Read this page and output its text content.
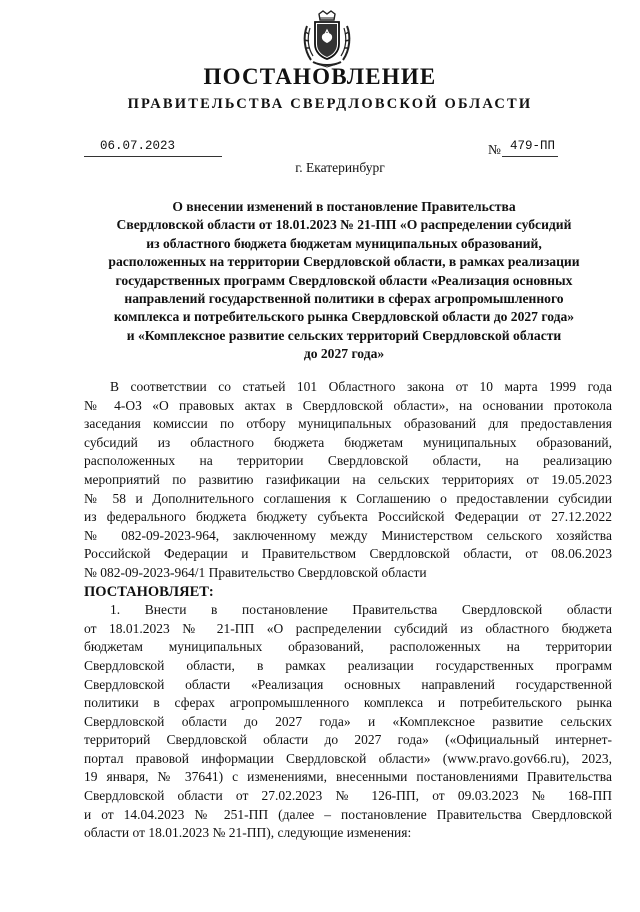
ПОСТАНОВЛЕНИЕ
ПРАВИТЕЛЬСТВА СВЕРДЛОВСКОЙ ОБЛАСТИ
06.07.2023	№ 479-ПП
г. Екатеринбург
О внесении изменений в постановление Правительства
Свердловской области от 18.01.2023 № 21-ПП «О распределении субсидий
из областного бюджета бюджетам муниципальных образований,
расположенных на территории Свердловской области, в рамках реализации
государственных программ Свердловской области «Реализация основных
направлений государственной политики в сферах агропромышленного
комплекса и потребительского рынка Свердловской области до 2027 года»
и «Комплексное развитие сельских территорий Свердловской области
до 2027 года»
В соответствии со статьей 101 Областного закона от 10 марта 1999 года
№ 4-ОЗ «О правовых актах в Свердловской области», на основании протокола
заседания комиссии по отбору муниципальных образований для предоставления
субсидий из областного бюджета бюджетам муниципальных образований,
расположенных на территории Свердловской области, на реализацию
мероприятий по развитию газификации на сельских территориях от 19.05.2023
№ 58 и Дополнительного соглашения к Соглашению о предоставлении субсидии
из федерального бюджета бюджету субъекта Российской Федерации от 27.12.2022
№ 082-09-2023-964, заключенному между Министерством сельского хозяйства
Российской Федерации и Правительством Свердловской области, от 08.06.2023
№ 082-09-2023-964/1 Правительство Свердловской области
ПОСТАНОВЛЯЕТ:
1. Внести в постановление Правительства Свердловской области
от 18.01.2023 № 21-ПП «О распределении субсидий из областного бюджета
бюджетам муниципальных образований, расположенных на территории
Свердловской области, в рамках реализации государственных программ
Свердловской области «Реализация основных направлений государственной
политики в сферах агропромышленного комплекса и потребительского рынка
Свердловской области до 2027 года» и «Комплексное развитие сельских
территорий Свердловской области до 2027 года» («Официальный интернет-
портал правовой информации Свердловской области» (www.pravo.gov66.ru), 2023,
19 января, № 37641) с изменениями, внесенными постановлениями Правительства
Свердловской области от 27.02.2023 № 126-ПП, от 09.03.2023 № 168-ПП
и от 14.04.2023 № 251-ПП (далее – постановление Правительства Свердловской
области от 18.01.2023 № 21-ПП), следующие изменения:
